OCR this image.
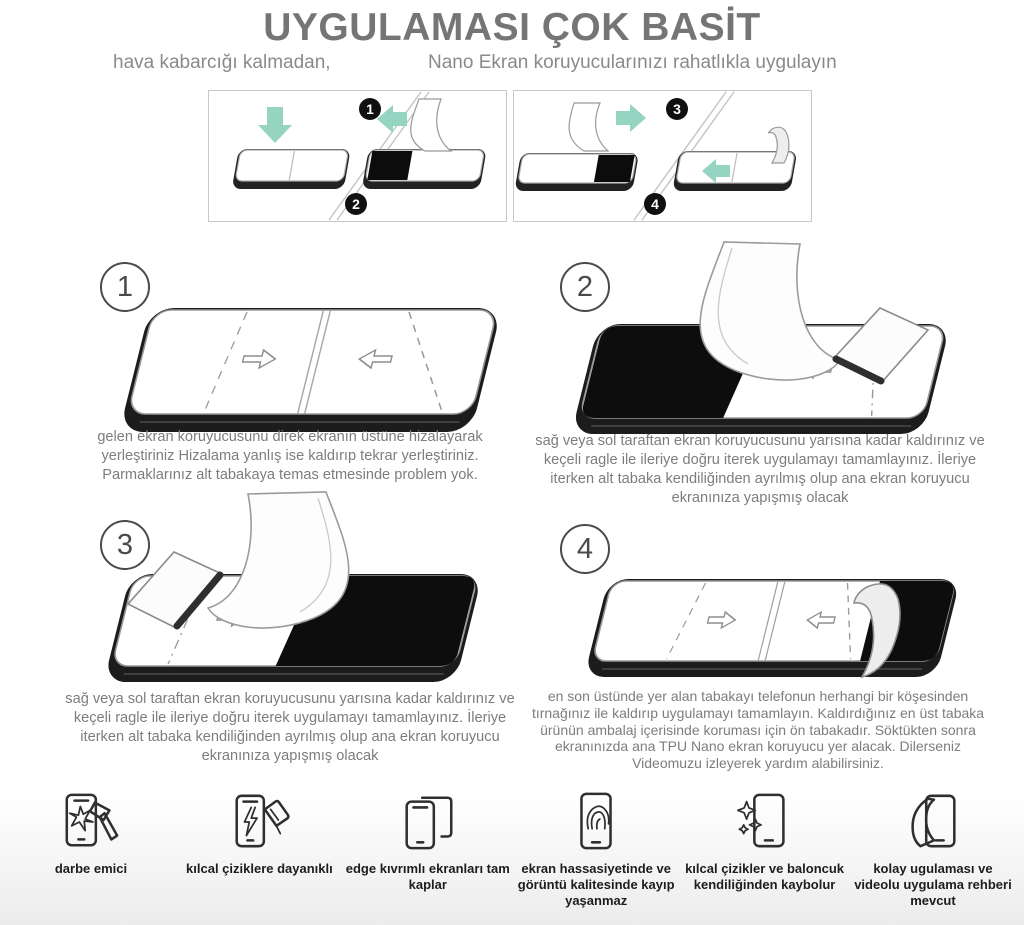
UYGULAMASI ÇOK BASİT
hava kabarcığı kalmadan,	Nano Ekran koruyucularınızı rahatlıkla uygulayın
1
2
3
4
1
gelen ekran koruyucusunu direk ekranın üstüne hizalayarak yerleştiriniz Hizalama yanlış ise kaldırıp tekrar yerleştiriniz. Parmaklarınız alt tabakaya temas etmesinde problem yok.
2
sağ veya sol taraftan ekran koruyucusunu yarısına kadar kaldırınız ve keçeli ragle ile ileriye doğru iterek uygulamayı tamamlayınız. İleriye iterken alt tabaka kendiliğinden ayrılmış olup ana ekran koruyucu ekranınıza yapışmış olacak
3
sağ veya sol taraftan ekran koruyucusunu yarısına kadar kaldırınız ve keçeli ragle ile ileriye doğru iterek uygulamayı tamamlayınız. İleriye iterken alt tabaka kendiliğinden ayrılmış olup ana ekran koruyucu ekranınıza yapışmış olacak
4
en son üstünde yer alan tabakayı telefonun herhangi bir köşesinden tırnağınız ile kaldırıp uygulamayı tamamlayın. Kaldırdığınız en üst tabaka ürünün ambalaj içerisinde koruması için ön tabakadır. Söktükten sonra ekranınızda ana TPU Nano ekran koruyucu yer alacak. Dilerseniz Videomuzu izleyerek yardım alabilirsiniz.
darbe emici	kılcal çiziklere dayanıklı	edge kıvrımlı ekranları tam kaplar
ekran hassasiyetinde ve görüntü kalitesinde kayıp yaşanmaz
kılcal çizikler ve baloncuk kendiliğinden kaybolur
kolay ugulaması ve videolu uygulama rehberi mevcut
